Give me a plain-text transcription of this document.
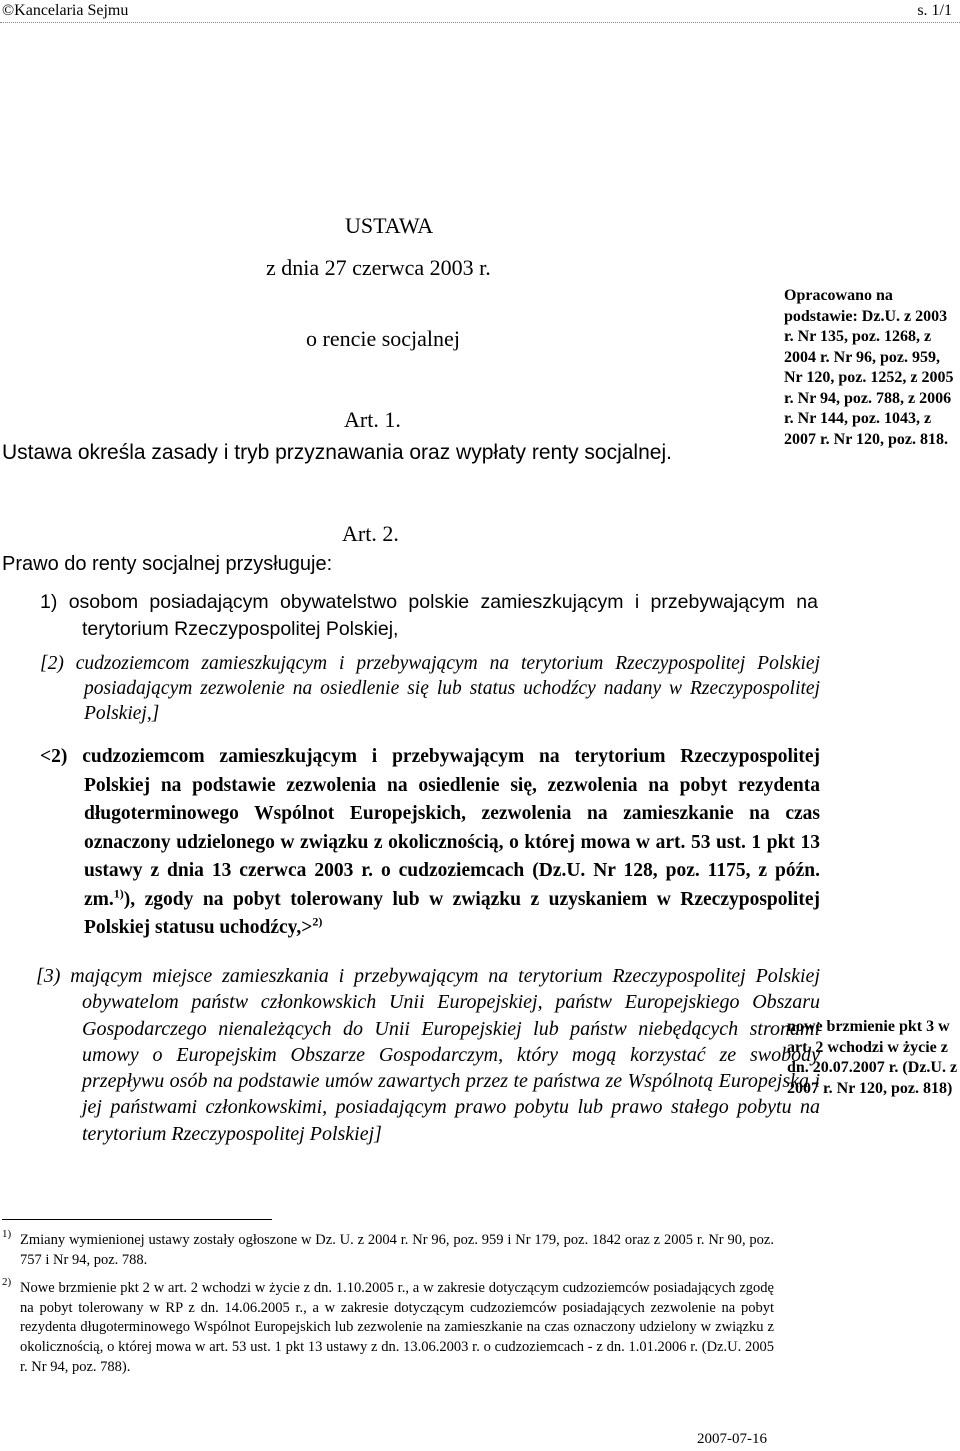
©Kancelaria Sejmu	s. 1/1
USTAWA
z dnia 27 czerwca 2003 r.
o rencie socjalnej
Opracowano na podstawie: Dz.U. z 2003 r. Nr 135, poz. 1268, z 2004 r. Nr 96, poz. 959, Nr 120, poz. 1252, z 2005 r. Nr 94, poz. 788, z 2006 r. Nr 144, poz. 1043, z 2007 r. Nr 120, poz. 818.
Art. 1.
Ustawa określa zasady i tryb przyznawania oraz wypłaty renty socjalnej.
Art. 2.
Prawo do renty socjalnej przysługuje:
1) osobom posiadającym obywatelstwo polskie zamieszkującym i przebywającym na terytorium Rzeczypospolitej Polskiej,
[2) cudzoziemcom zamieszkującym i przebywającym na terytorium Rzeczypospolitej Polskiej posiadającym zezwolenie na osiedlenie się lub status uchodźcy nadany w Rzeczypospolitej Polskiej,]
<2) cudzoziemcom zamieszkującym i przebywającym na terytorium Rzeczypospolitej Polskiej na podstawie zezwolenia na osiedlenie się, zezwolenia na pobyt rezydenta długoterminowego Wspólnot Europejskich, zezwolenia na zamieszkanie na czas oznaczony udzielonego w związku z okolicznością, o której mowa w art. 53 ust. 1 pkt 13 ustawy z dnia 13 czerwca 2003 r. o cudzoziemcach (Dz.U. Nr 128, poz. 1175, z późn. zm.$^{1)}$), zgody na pobyt tolerowany lub w związku z uzyskaniem w Rzeczypospolitej Polskiej statusu uchodźcy,>$^{2)}$
[3) mającym miejsce zamieszkania i przebywającym na terytorium Rzeczypospolitej Polskiej obywatelom państw członkowskich Unii Europejskiej, państw Europejskiego Obszaru Gospodarczego nienależących do Unii Europejskiej lub państw niebędących stronami umowy o Europejskim Obszarze Gospodarczym, który mogą korzystać ze swobody przepływu osób na podstawie umów zawartych przez te państwa ze Wspólnotą Europejską i jej państwami członkowskimi, posiadającym prawo pobytu lub prawo stałego pobytu na terytorium Rzeczypospolitej Polskiej]
nowe brzmienie pkt 3 w art. 2 wchodzi w życie z dn. 20.07.2007 r. (Dz.U. z 2007 r. Nr 120, poz. 818)
1) Zmiany wymienionej ustawy zostały ogłoszone w Dz. U. z 2004 r. Nr 96, poz. 959 i Nr 179, poz. 1842 oraz z 2005 r. Nr 90, poz. 757 i Nr 94, poz. 788.
2) Nowe brzmienie pkt 2 w art. 2 wchodzi w życie z dn. 1.10.2005 r., a w zakresie dotyczącym cudzoziemców posiadających zgodę na pobyt tolerowany w RP z dn. 14.06.2005 r., a w zakresie dotyczącym cudzoziemców posiadających zezwolenie na pobyt rezydenta długoterminowego Wspólnot Europejskich lub zezwolenie na zamieszkanie na czas oznaczony udzielony w związku z okolicznością, o której mowa w art. 53 ust. 1 pkt 13 ustawy z dn. 13.06.2003 r. o cudzoziemcach - z dn. 1.01.2006 r. (Dz.U. 2005 r. Nr 94, poz. 788).
2007-07-16
